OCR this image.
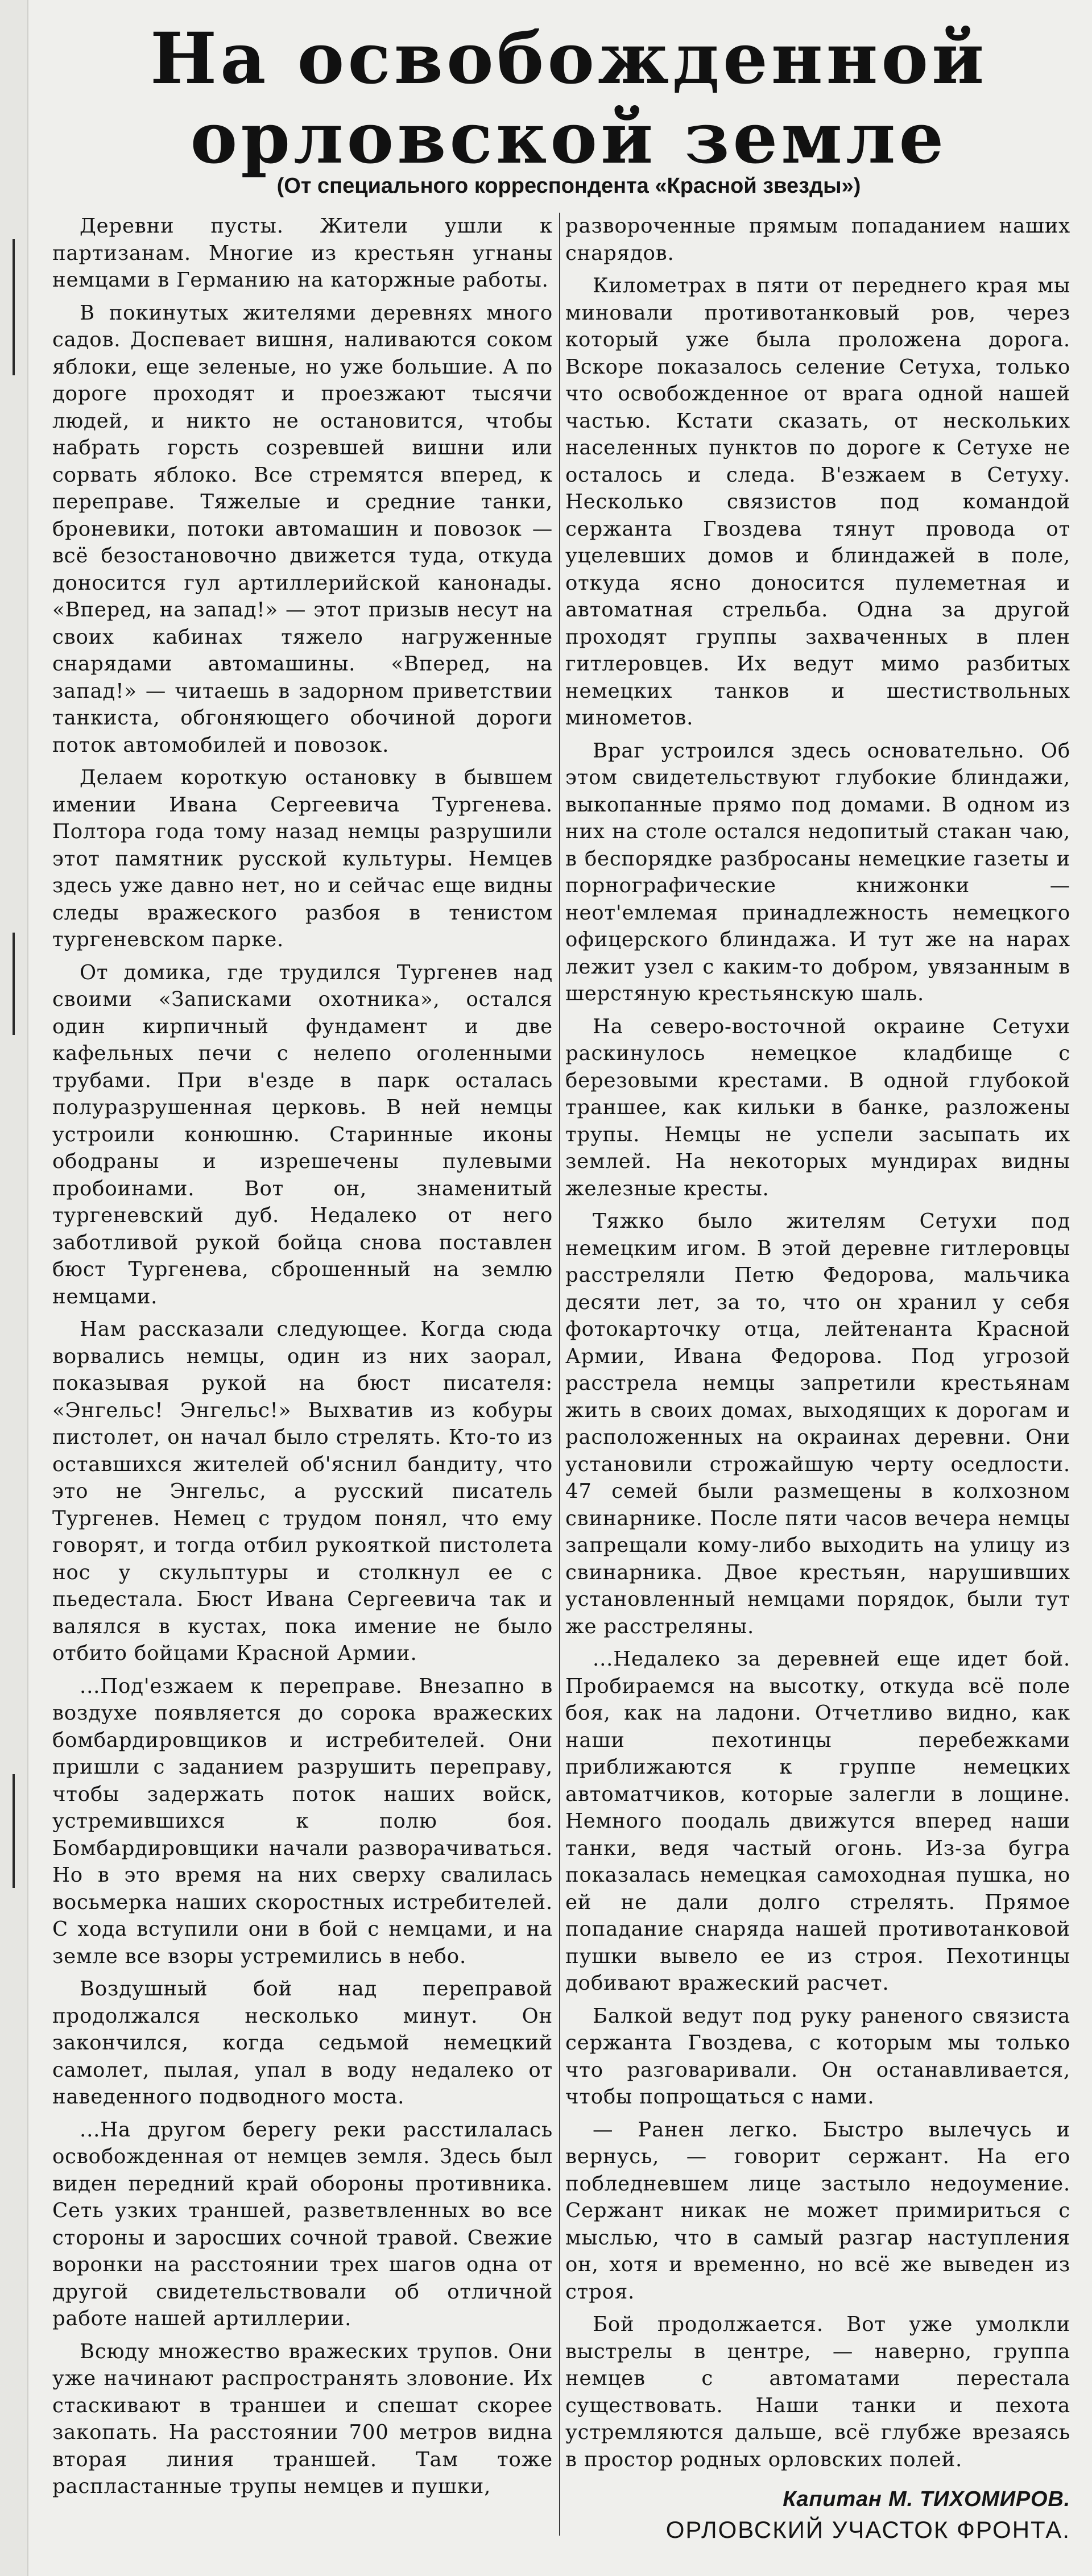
На освобожденной
орловской земле
(От специального корреспондента «Красной звезды»)

Деревни пусты. Жители ушли к партизанам. Многие из крестьян угнаны немцами в Германию на каторжные работы.

В покинутых жителями деревнях много садов. Доспевает вишня, наливаются соком яблоки, еще зеленые, но уже большие. А по дороге проходят и проезжают тысячи людей, и никто не остановится, чтобы набрать горсть созревшей вишни или сорвать яблоко. Все стремятся вперед, к переправе. Тяжелые и средние танки, броневики, потоки автомашин и повозок — всё безостановочно движется туда, откуда доносится гул артиллерийской канонады. «Вперед, на запад!» — этот призыв несут на своих кабинах тяжело нагруженные снарядами автомашины. «Вперед, на запад!» — читаешь в задорном приветствии танкиста, обгоняющего обочиной дороги поток автомобилей и повозок.

Делаем короткую остановку в бывшем имении Ивана Сергеевича Тургенева. Полтора года тому назад немцы разрушили этот памятник русской культуры. Немцев здесь уже давно нет, но и сейчас еще видны следы вражеского разбоя в тенистом тургеневском парке.

От домика, где трудился Тургенев над своими «Записками охотника», остался один кирпичный фундамент и две кафельных печи с нелепо оголенными трубами. При в'езде в парк осталась полуразрушенная церковь. В ней немцы устроили конюшню. Старинные иконы ободраны и изрешечены пулевыми пробоинами. Вот он, знаменитый тургеневский дуб. Недалеко от него заботливой рукой бойца снова поставлен бюст Тургенева, сброшенный на землю немцами.

Нам рассказали следующее. Когда сюда ворвались немцы, один из них заорал, показывая рукой на бюст писателя: «Энгельс! Энгельс!» Выхватив из кобуры пистолет, он начал было стрелять. Кто-то из оставшихся жителей об'яснил бандиту, что это не Энгельс, а русский писатель Тургенев. Немец с трудом понял, что ему говорят, и тогда отбил рукояткой пистолета нос у скульптуры и столкнул ее с пьедестала. Бюст Ивана Сергеевича так и валялся в кустах, пока имение не было отбито бойцами Красной Армии.

...Под'езжаем к переправе. Внезапно в воздухе появляется до сорока вражеских бомбардировщиков и истребителей. Они пришли с заданием разрушить переправу, чтобы задержать поток наших войск, устремившихся к полю боя. Бомбардировщики начали разворачиваться. Но в это время на них сверху свалилась восьмерка наших скоростных истребителей. С хода вступили они в бой с немцами, и на земле все взоры устремились в небо.

Воздушный бой над переправой продолжался несколько минут. Он закончился, когда седьмой немецкий самолет, пылая, упал в воду недалеко от наведенного подводного моста.

...На другом берегу реки расстилалась освобожденная от немцев земля. Здесь был виден передний край обороны противника. Сеть узких траншей, разветвленных во все стороны и заросших сочной травой. Свежие воронки на расстоянии трех шагов одна от другой свидетельствовали об отличной работе нашей артиллерии.

Всюду множество вражеских трупов. Они уже начинают распространять зловоние. Их стаскивают в траншеи и спешат скорее закопать. На расстоянии 700 метров видна вторая линия траншей. Там тоже распластанные трупы немцев и пушки,

развороченные прямым попаданием наших снарядов.

Километрах в пяти от переднего края мы миновали противотанковый ров, через который уже была проложена дорога. Вскоре показалось селение Сетуха, только что освобожденное от врага одной нашей частью. Кстати сказать, от нескольких населенных пунктов по дороге к Сетухе не осталось и следа. В'езжаем в Сетуху. Несколько связистов под командой сержанта Гвоздева тянут провода от уцелевших домов и блиндажей в поле, откуда ясно доносится пулеметная и автоматная стрельба. Одна за другой проходят группы захваченных в плен гитлеровцев. Их ведут мимо разбитых немецких танков и шестиствольных минометов.

Враг устроился здесь основательно. Об этом свидетельствуют глубокие блиндажи, выкопанные прямо под домами. В одном из них на столе остался недопитый стакан чаю, в беспорядке разбросаны немецкие газеты и порнографические книжонки — неот'емлемая принадлежность немецкого офицерского блиндажа. И тут же на нарах лежит узел с каким-то добром, увязанным в шерстяную крестьянскую шаль.

На северо-восточной окраине Сетухи раскинулось немецкое кладбище с березовыми крестами. В одной глубокой траншее, как кильки в банке, разложены трупы. Немцы не успели засыпать их землей. На некоторых мундирах видны железные кресты.

Тяжко было жителям Сетухи под немецким игом. В этой деревне гитлеровцы расстреляли Петю Федорова, мальчика десяти лет, за то, что он хранил у себя фотокарточку отца, лейтенанта Красной Армии, Ивана Федорова. Под угрозой расстрела немцы запретили крестьянам жить в своих домах, выходящих к дорогам и расположенных на окраинах деревни. Они установили строжайшую черту оседлости. 47 семей были размещены в колхозном свинарнике. После пяти часов вечера немцы запрещали кому-либо выходить на улицу из свинарника. Двое крестьян, нарушивших установленный немцами порядок, были тут же расстреляны.

...Недалеко за деревней еще идет бой. Пробираемся на высотку, откуда всё поле боя, как на ладони. Отчетливо видно, как наши пехотинцы перебежками приближаются к группе немецких автоматчиков, которые залегли в лощине. Немного поодаль движутся вперед наши танки, ведя частый огонь. Из-за бугра показалась немецкая самоходная пушка, но ей не дали долго стрелять. Прямое попадание снаряда нашей противотанковой пушки вывело ее из строя. Пехотинцы добивают вражеский расчет.

Балкой ведут под руку раненого связиста сержанта Гвоздева, с которым мы только что разговаривали. Он останавливается, чтобы попрощаться с нами.

— Ранен легко. Быстро вылечусь и вернусь, — говорит сержант. На его побледневшем лице застыло недоумение. Сержант никак не может примириться с мыслью, что в самый разгар наступления он, хотя и временно, но всё же выведен из строя.

Бой продолжается. Вот уже умолкли выстрелы в центре, — наверно, группа немцев с автоматами перестала существовать. Наши танки и пехота устремляются дальше, всё глубже врезаясь в простор родных орловских полей.

Капитан М. ТИХОМИРОВ.
ОРЛОВСКИЙ УЧАСТОК ФРОНТА.
